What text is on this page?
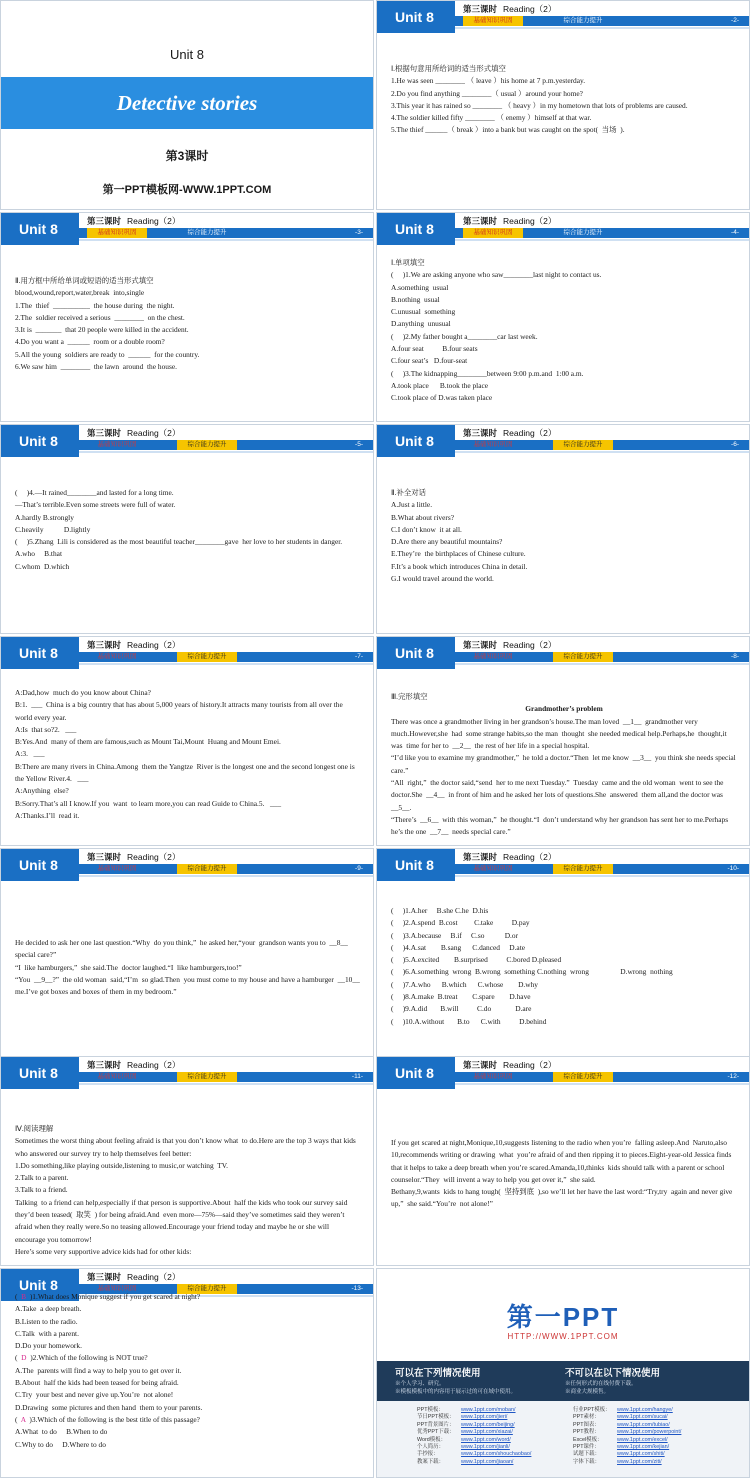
Unit 8
Detective stories
第3课时
第一PPT模板网-WWW.1PPT.COM
Unit 8	第三课时 Reading（2）
基础知识巩固	综合能力提升	-2-

Ⅰ.根据句意用所给词的适当形式填空

1.He was seen ________ （ leave ）his home at 7 p.m.yesterday.

2.Do you find anything ________（ usual ）around your home?

3.This year it has rained so ________ （ heavy ）in my hometown that lots of problems are caused.

4.The soldier killed fifty ________ （ enemy ）himself at that war.

5.The thief ______（ break ）into a bank but was caught on the spot(  当场  ).

Unit 8	第三课时 Reading（2）
基础知识巩固	综合能力提升	-3-

Ⅱ.用方框中所给单词或短语的适当形式填空

blood,wound,report,water,break  into,single

1.The  thief  __________  the house during  the night.

2.The  soldier received a serious  ________  on the chest.

3.It is  _______  that 20 people were killed in the accident.

4.Do you want a  ______  room or a double room?

5.All the young  soldiers are ready to  ______  for the country.

6.We saw him  ________  the lawn  around  the house.

Unit 8	第三课时 Reading（2）
基础知识巩固	综合能力提升	-4-

Ⅰ.单项填空

(     )1.We are asking anyone who saw________last night to contact us.

A.something  usual

B.nothing  usual

C.unusual  something

D.anything  unusual

(     )2.My father bought a________car last week.

A.four seat          B.four seats

C.four seat’s   D.four-seat

(     )3.The kidnapping________between 9:00 p.m.and  1:00 a.m.

A.took place      B.took the place

C.took place of D.was taken place

Unit 8	第三课时 Reading（2）
基础知识巩固	综合能力提升	-5-

(     )4.—It rained________and lasted for a long time.

—That’s terrible.Even some streets were full of water.

A.hardly B.strongly

C.heavily           D.lightly

(     )5.Zhang  Lili is considered as the most beautiful teacher________gave  her love to her students in danger.

A.who     B.that

C.whom  D.which

Unit 8	第三课时 Reading（2）
基础知识巩固	综合能力提升	-6-

Ⅱ.补全对话

A.Just a little.

B.What about rivers?

C.I don’t know  it at all.

D.Are there any beautiful mountains?

E.They’re  the birthplaces of Chinese culture.

F.It’s a book which introduces China in detail.

G.I would travel around the world.

Unit 8	第三课时 Reading（2）
基础知识巩固	综合能力提升	-7-

A:Dad,how  much do you know about China?

B:1.  ___  China is a big country that has about 5,000 years of history.It attracts many tourists from all over the world every year.

A:Is  that so?2.   ___

B:Yes.And  many of them are famous,such as Mount Tai,Mount  Huang and Mount Emei.

A:3.   ___

B:There are many rivers in China.Among  them the Yangtze  River is the longest one and the second longest one is the Yellow River.4.   ___

A:Anything  else?

B:Sorry.That’s all I know.If you  want  to learn more,you can read Guide to China.5.   ___

A:Thanks.I’ll  read it.

Unit 8	第三课时 Reading（2）
基础知识巩固	综合能力提升	-8-

Ⅲ.完形填空

Grandmother’s problem

There was once a grandmother living in her grandson’s house.The man loved  __1__  grandmother very much.However,she  had  some strange habits,so the man  thought  she needed medical help.Perhaps,he  thought,it was  time for her to  __2__  the rest of her life in a special hospital.

“I’d like you to examine my grandmother,”  he told a doctor.“Then  let me know  __3__  you think she needs special care.”

“All  right,”  the doctor said,“send  her to me next Tuesday.”  Tuesday  came and the old woman  went to see the doctor.She  __4__  in front of him and he asked her lots of questions.She  answered  them all,and the doctor was  __5__.

“There’s  __6__  with this woman,”  he thought.“I  don’t understand why her grandson has sent her to me.Perhaps he’s the one  __7__  needs special care.”

Unit 8	第三课时 Reading（2）
基础知识巩固	综合能力提升	-9-

He decided to ask her one last question.“Why  do you think,”  he asked her,“your  grandson wants you to  __8__  special care?”

“I  like hamburgers,”  she said.The  doctor laughed.“I  like hamburgers,too!”

“You  __9__?”  the old woman  said,“I’m  so glad.Then  you must come to my house and have a hamburger  __10__  me.I’ve got boxes and boxes of them in my bedroom.”

Unit 8	第三课时 Reading（2）
基础知识巩固	综合能力提升	-10-

(     )1.A.her     B.she C.he  D.his

(     )2.A.spend  B.cost         C.take          D.pay

(     )3.A.because     B.if     C.so           D.or

(     )4.A.sat        B.sang      C.danced     D.ate

(     )5.A.excited        B.surprised          C.bored D.pleased

(     )6.A.something  wrong  B.wrong  something C.nothing  wrong                 D.wrong  nothing

(     )7.A.who      B.which      C.whose        D.why

(     )8.A.make  B.treat        C.spare        D.have

(     )9.A.did       B.will          C.do             D.are

(     )10.A.without       B.to      C.with          D.behind

Unit 8	第三课时 Reading（2）
基础知识巩固	综合能力提升	-11-

Ⅳ.阅读理解

Sometimes the worst thing about feeling afraid is that you don’t know what  to do.Here are the top 3 ways that kids who answered our survey try to help themselves feel better:

1.Do something,like playing outside,listening to music,or watching  TV.

2.Talk to a parent.

3.Talk to a friend.

Talking  to a friend can help,especially if that person is supportive.About  half the kids who took our survey said they’d been teased(  取笑  ) for being afraid.And  even more—75%—said they’ve sometimes said they weren’t afraid when they really were.So no teasing allowed.Encourage your friend today and maybe he or she will encourage you tomorrow!

Here’s some very supportive advice kids had for other kids:

Unit 8	第三课时 Reading（2）
基础知识巩固	综合能力提升	-12-

If you get scared at night,Monique,10,suggests listening to the radio when you’re  falling asleep.And  Naruto,also 10,recommends writing or drawing  what  you’re afraid of and then ripping it to pieces.Eight-year-old Jessica finds that it helps to take a deep breath when you’re scared.Amanda,10,thinks  kids should talk with a parent or school counselor.“They  will invent a way to help you get over it,”  she said.

Bethany,9,wants  kids to hang tough(  坚持到底  ),so we’ll let her have the last word:“Try,try  again and never give up,”  she said.“You’re  not alone!”

Unit 8	第三课时 Reading（2）
基础知识巩固	综合能力提升	-13-

(  B )1.What does Monique suggest if you get scared at night?

A.Take  a deep breath.

B.Listen to the radio.

C.Talk  with a parent.

D.Do your homework.

(  D )2.Which of the following is NOT true?

A.The  parents will find a way to help you to get over it.

B.About  half the kids had been teased for being afraid.

C.Try  your best and never give up.You’re  not alone!

D.Drawing  some pictures and then hand  them to your parents.

(  A )3.Which of the following is the best title of this passage?

A.What  to do     B.When to do

C.Why to do     D.Where to do

第一PPT
HTTP://WWW.1PPT.COM
可以在下列情况使用
※个人学习、研究。
※模板模板中的内容用于展示过的可在域中使用。
不可以在以下情况使用
※任何形式的在线付费下载。
※商业大规模售。
PPT模板：	www.1ppt.com/moban/
节日PPT模板：	www.1ppt.com/jieri/
PPT背景图片：	www.1ppt.com/beijing/
优秀PPT下载：	www.1ppt.com/xiazai/
Word模板：	www.1ppt.com/word/
个人简历：	www.1ppt.com/jianli/
手抄报：	www.1ppt.com/shouchaobao/
教案下载：	www.1ppt.com/jiaoan/
行业PPT模板：	www.1ppt.com/hangye/
PPT素材：	www.1ppt.com/sucai/
PPT图表：	www.1ppt.com/tubiao/
PPT教程：	www.1ppt.com/powerpoint/
Excel模板：	www.1ppt.com/excel/
PPT课件：	www.1ppt.com/kejian/
试题下载：	www.1ppt.com/shiti/
字体下载：	www.1ppt.com/ziti/
